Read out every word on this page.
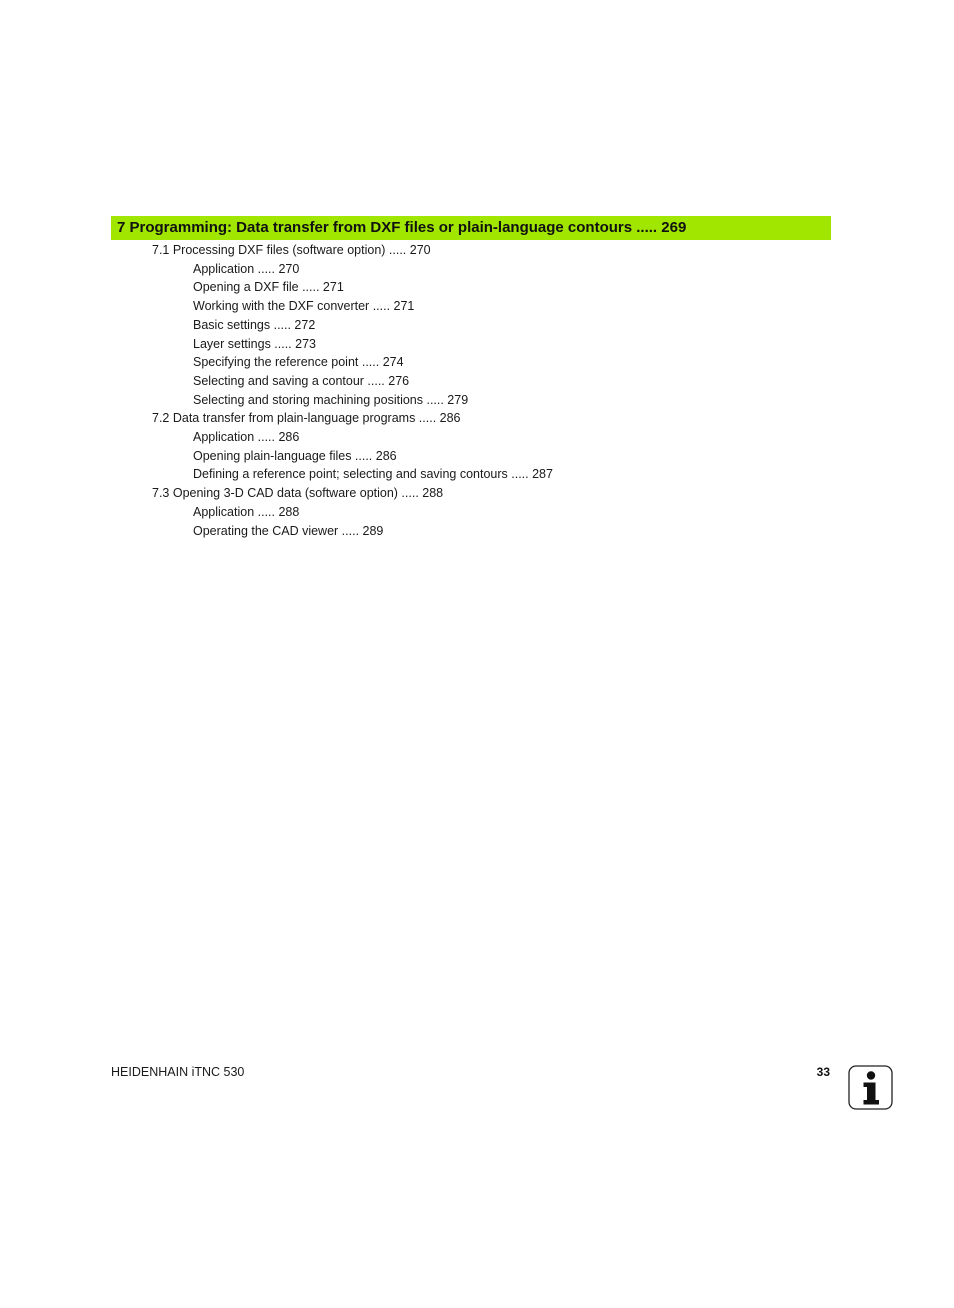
7 Programming: Data transfer from DXF files or plain-language contours ..... 269
7.1 Processing DXF files (software option) ..... 270
Application ..... 270
Opening a DXF file ..... 271
Working with the DXF converter ..... 271
Basic settings ..... 272
Layer settings ..... 273
Specifying the reference point ..... 274
Selecting and saving a contour ..... 276
Selecting and storing machining positions ..... 279
7.2 Data transfer from plain-language programs ..... 286
Application ..... 286
Opening plain-language files ..... 286
Defining a reference point; selecting and saving contours ..... 287
7.3 Opening 3-D CAD data (software option) ..... 288
Application ..... 288
Operating the CAD viewer ..... 289
HEIDENHAIN iTNC 530	33
